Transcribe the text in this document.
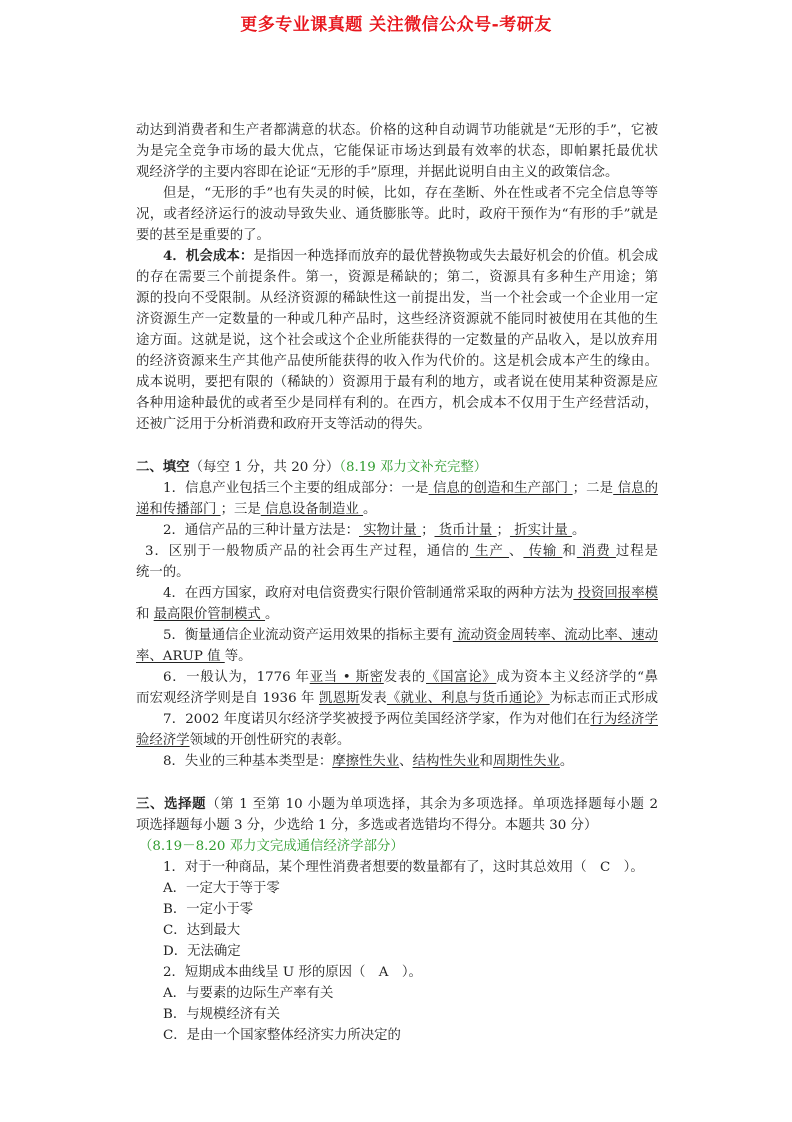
更多专业课真题 关注微信公众号-考研友
动达到消费者和生产者都满意的状态。价格的这种自动调节功能就是“无形的手”，它被
为是完全竞争市场的最大优点，它能保证市场达到最有效率的状态，即帕累托最优状
观经济学的主要内容即在论证“无形的手”原理，并据此说明自由主义的政策信念。
但是，“无形的手”也有失灵的时候，比如，存在垄断、外在性或者不完全信息等等
况，或者经济运行的波动导致失业、通货膨胀等。此时，政府干预作为“有形的手”就是
要的甚至是重要的了。
4．机会成本：是指因一种选择而放弃的最优替换物或失去最好机会的价值。机会成
的存在需要三个前提条件。第一，资源是稀缺的；第二，资源具有多种生产用途；第
源的投向不受限制。从经济资源的稀缺性这一前提出发，当一个社会或一个企业用一定
济资源生产一定数量的一种或几种产品时，这些经济资源就不能同时被使用在其他的生
途方面。这就是说，这个社会或这个企业所能获得的一定数量的产品收入，是以放弃用
的经济资源来生产其他产品使所能获得的收入作为代价的。这是机会成本产生的缘由。
成本说明，要把有限的（稀缺的）资源用于最有利的地方，或者说在使用某种资源是应
各种用途种最优的或者至少是同样有利的。在西方，机会成本不仅用于生产经营活动，
还被广泛用于分析消费和政府开支等活动的得失。
二、填空（每空 1 分，共 20 分）（8.19 邓力文补充完整）
1．信息产业包括三个主要的组成部分：一是 信息的创造和生产部门 ；二是 信息的
递和传播部门 ；三是 信息设备制造业 。
2．通信产品的三种计量方法是： 实物计量 ； 货币计量 ； 折实计量 。
3．区别于一般物质产品的社会再生产过程，通信的 生产 、 传输 和 消费 过程是
统一的。
4．在西方国家，政府对电信资费实行限价管制通常采取的两种方法为 投资回报率模
和 最高限价管制模式 。
5．衡量通信企业流动资产运用效果的指标主要有 流动资金周转率、流动比率、速动
率、ARUP 值 等。
6．一般认为，1776 年亚当 • 斯密发表的《国富论》成为资本主义经济学的“鼻
而宏观经济学则是自 1936 年 凯恩斯发表《就业、利息与货币通论》为标志而正式形成
7．2002 年度诺贝尔经济学奖被授予两位美国经济学家，作为对他们在行为经济学
验经济学领域的开创性研究的表彰。
8．失业的三种基本类型是：摩擦性失业、结构性失业和周期性失业。
三、选择题（第 1 至第 10 小题为单项选择，其余为多项选择。单项选择题每小题 2
项选择题每小题 3 分，少选给 1 分，多选或者选错均不得分。本题共 30 分）
（8.19－8.20 邓力文完成通信经济学部分）
1．对于一种商品，某个理性消费者想要的数量都有了，这时其总效用（　C　）。
A．一定大于等于零
B．一定小于零
C．达到最大
D．无法确定
2．短期成本曲线呈 U 形的原因（　A　）。
A．与要素的边际生产率有关
B．与规模经济有关
C．是由一个国家整体经济实力所决定的
